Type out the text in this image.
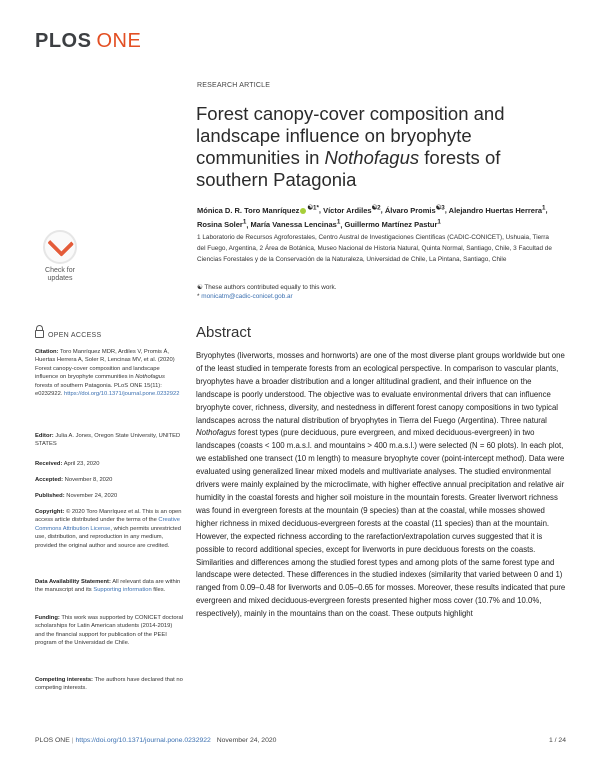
PLOS ONE
RESEARCH ARTICLE
Forest canopy-cover composition and landscape influence on bryophyte communities in Nothofagus forests of southern Patagonia
Mónica D. R. Toro Manríquez $^{☯1*}$, Víctor Ardiles$^{☯2}$, Álvaro Promis$^{☯3}$, Alejandro Huertas Herrera$^1$, Rosina Soler$^1$, María Vanessa Lencinas$^1$, Guillermo Martínez Pastur$^1$
1 Laboratorio de Recursos Agroforestales, Centro Austral de Investigaciones Científicas (CADIC-CONICET), Ushuaia, Tierra del Fuego, Argentina, 2 Área de Botánica, Museo Nacional de Historia Natural, Quinta Normal, Santiago, Chile, 3 Facultad de Ciencias Forestales y de la Conservación de la Naturaleza, Universidad de Chile, La Pintana, Santiago, Chile
☯ These authors contributed equally to this work.
* monicatm@cadic-conicet.gob.ar
Check for
updates
OPEN ACCESS
Citation: Toro Manríquez MDR, Ardiles V, Promis Á, Huertas Herrera A, Soler R, Lencinas MV, et al. (2020) Forest canopy-cover composition and landscape influence on bryophyte communities in Nothofagus forests of southern Patagonia. PLoS ONE 15(11): e0232922. https://doi.org/10.1371/journal.pone.0232922
Editor: Julia A. Jones, Oregon State University, UNITED STATES
Received: April 23, 2020
Accepted: November 8, 2020
Published: November 24, 2020
Copyright: © 2020 Toro Manríquez et al. This is an open access article distributed under the terms of the Creative Commons Attribution License, which permits unrestricted use, distribution, and reproduction in any medium, provided the original author and source are credited.
Data Availability Statement: All relevant data are within the manuscript and its Supporting information files.
Funding: This work was supported by CONICET doctoral scholarships for Latin American students (2014-2019) and the financial support for publication of the PEEI program of the Universidad de Chile.
Competing interests: The authors have declared that no competing interests.
Abstract

Bryophytes (liverworts, mosses and hornworts) are one of the most diverse plant groups worldwide but one of the least studied in temperate forests from an ecological perspective. In comparison to vascular plants, bryophytes have a broader distribution and a longer altitudinal gradient, and their influence on the landscape is poorly understood. The objective was to evaluate environmental drivers that can influence bryophyte cover, richness, diversity, and nestedness in different forest canopy compositions in two typical landscapes across the natural distribution of bryophytes in Tierra del Fuego (Argentina). Three natural Nothofagus forest types (pure deciduous, pure evergreen, and mixed deciduous-evergreen) in two landscapes (coasts < 100 m.a.s.l. and mountains > 400 m.a.s.l.) were selected (N = 60 plots). In each plot, we established one transect (10 m length) to measure bryophyte cover (point-intercept method). Data were evaluated using generalized linear mixed models and multivariate analyses. The studied environmental drivers were mainly explained by the microclimate, with higher effective annual precipitation and relative air humidity in the coastal forests and higher soil moisture in the mountain forests. Greater liverwort richness was found in evergreen forests at the mountain (9 species) than at the coastal, while mosses showed higher richness in mixed deciduous-evergreen forests at the coastal (11 species) than at the mountain. However, the expected richness according to the rarefaction/extrapolation curves suggested that it is possible to record additional species, except for liverworts in pure deciduous forests on the coasts. Similarities and differences among the studied forest types and among plots of the same forest type and landscape were detected. These differences in the studied indexes (similarity that varied between 0 and 1) ranged from 0.09–0.48 for liverworts and 0.05–0.65 for mosses. Moreover, these results indicated that pure evergreen and mixed deciduous-evergreen forests presented higher moss cover (10.7% and 10.0%, respectively), mainly in the mountains than on the coast. These outputs highlight

PLOS ONE | https://doi.org/10.1371/journal.pone.0232922 November 24, 2020	1 / 24
